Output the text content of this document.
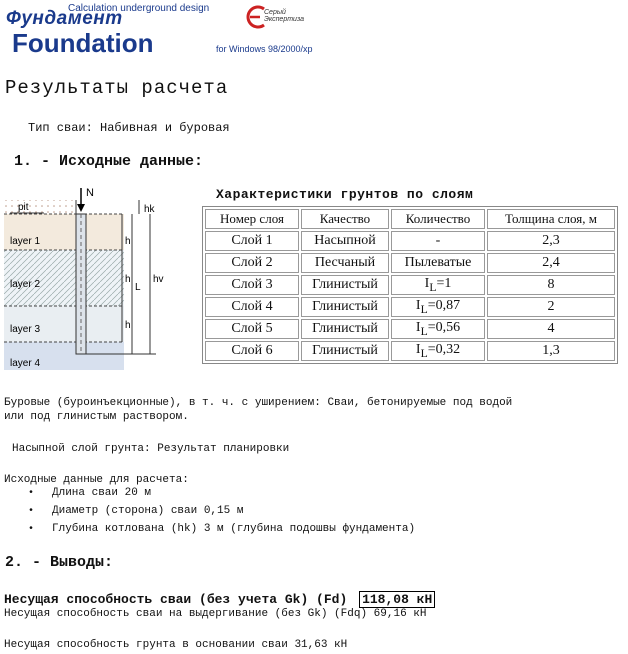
Calculation underground design
Фундамент
Foundation	for Windows 98/2000/xp
Серый Экспертиза
Результаты расчета
Тип сваи: Набивная и буровая
1. - Исходные данные:
N
pit
layer 1
layer 2
layer 3
layer 4
hk
h
h
h
L
hv
Характеристики грунтов по слоям
Номер слоя	Качество	Количество	Толщина слоя, м
Слой 1	Насыпной	-	2,3
Слой 2	Песчаный	Пылеватые	2,4
Слой 3	Глинистый	$I_L=1$	8
Слой 4	Глинистый	$I_L=0,87$	2
Слой 5	Глинистый	$I_L=0,56$	4
Слой 6	Глинистый	$I_L=0,32$	1,3
Буровые (буроинъекционные), в т. ч. с уширением: Сваи, бетонируемые под водой
или под глинистым раствором.
Насыпной слой грунта: Результат планировки
Исходные данные для расчета:
• Длина сваи 20 м
• Диаметр (сторона) сваи 0,15 м
• Глубина котлована (hk) 3 м (глубина подошвы фундамента)
2. - Выводы:
Несущая способность сваи (без учета Gk) (Fd) 118,08 кН
Несущая способность сваи на выдергивание (без Gk) (Fdq) 69,16 кН
Несущая способность грунта в основании сваи 31,63 кН
